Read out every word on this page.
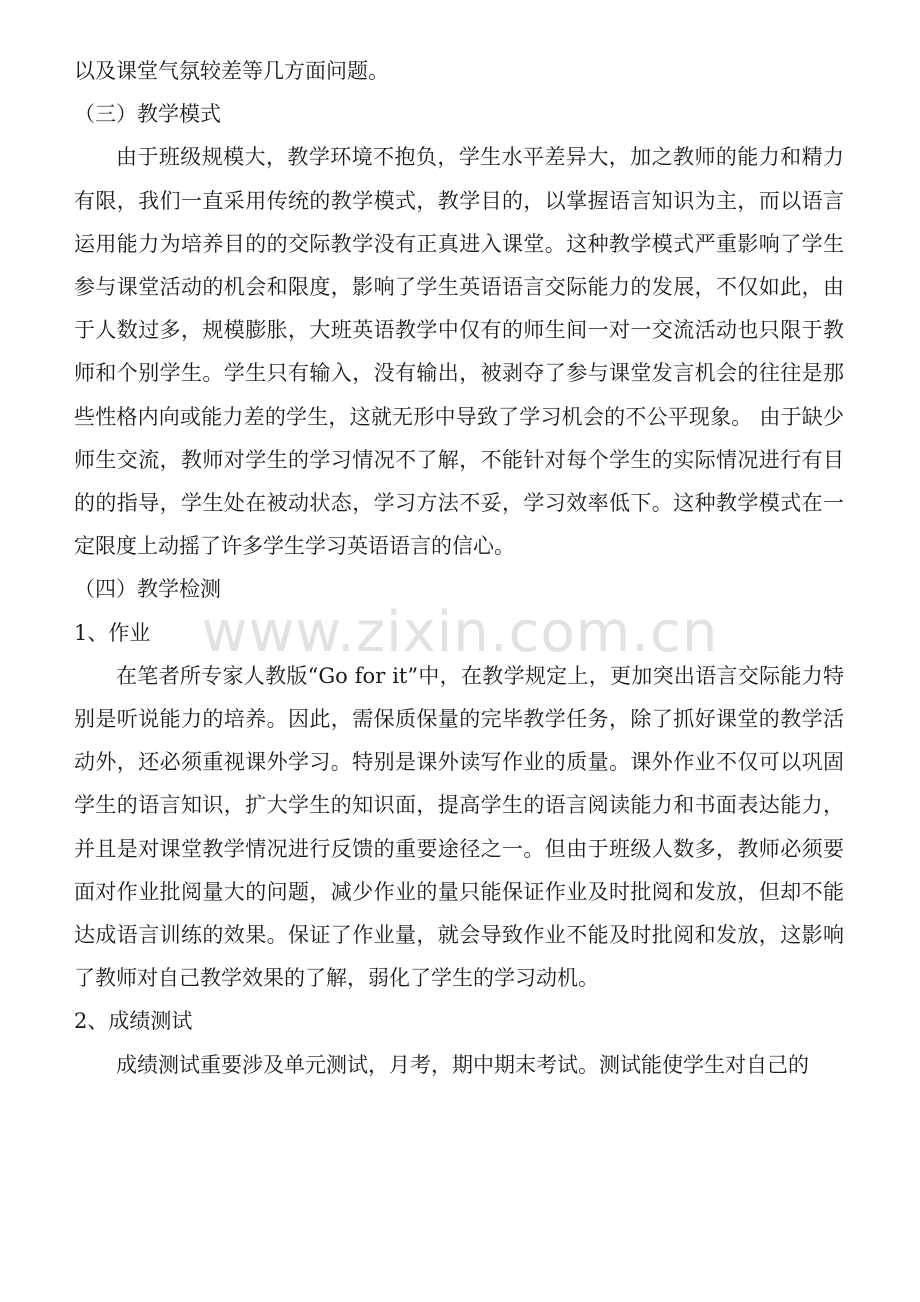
以及课堂气氛较差等几方面问题。

（三）教学模式

由于班级规模大，教学环境不抱负，学生水平差异大，加之教师的能力和精力有限，我们一直采用传统的教学模式，教学目的，以掌握语言知识为主，而以语言运用能力为培养目的的交际教学没有正真进入课堂。这种教学模式严重影响了学生参与课堂活动的机会和限度，影响了学生英语语言交际能力的发展，不仅如此，由于人数过多，规模膨胀，大班英语教学中仅有的师生间一对一交流活动也只限于教师和个别学生。学生只有输入，没有输出，被剥夺了参与课堂发言机会的往往是那些性格内向或能力差的学生，这就无形中导致了学习机会的不公平现象。 由于缺少师生交流，教师对学生的学习情况不了解，不能针对每个学生的实际情况进行有目的的指导，学生处在被动状态，学习方法不妥，学习效率低下。这种教学模式在一定限度上动摇了许多学生学习英语语言的信心。

（四）教学检测

1、作业

在笔者所专家人教版“Go for it”中，在教学规定上，更加突出语言交际能力特别是听说能力的培养。因此，需保质保量的完毕教学任务，除了抓好课堂的教学活动外，还必须重视课外学习。特别是课外读写作业的质量。课外作业不仅可以巩固学生的语言知识，扩大学生的知识面，提高学生的语言阅读能力和书面表达能力，并且是对课堂教学情况进行反馈的重要途径之一。但由于班级人数多，教师必须要面对作业批阅量大的问题，减少作业的量只能保证作业及时批阅和发放，但却不能达成语言训练的效果。保证了作业量，就会导致作业不能及时批阅和发放，这影响了教师对自己教学效果的了解，弱化了学生的学习动机。

2、成绩测试

成绩测试重要涉及单元测试，月考，期中期末考试。测试能使学生对自己的

www.zixin.com.cn
